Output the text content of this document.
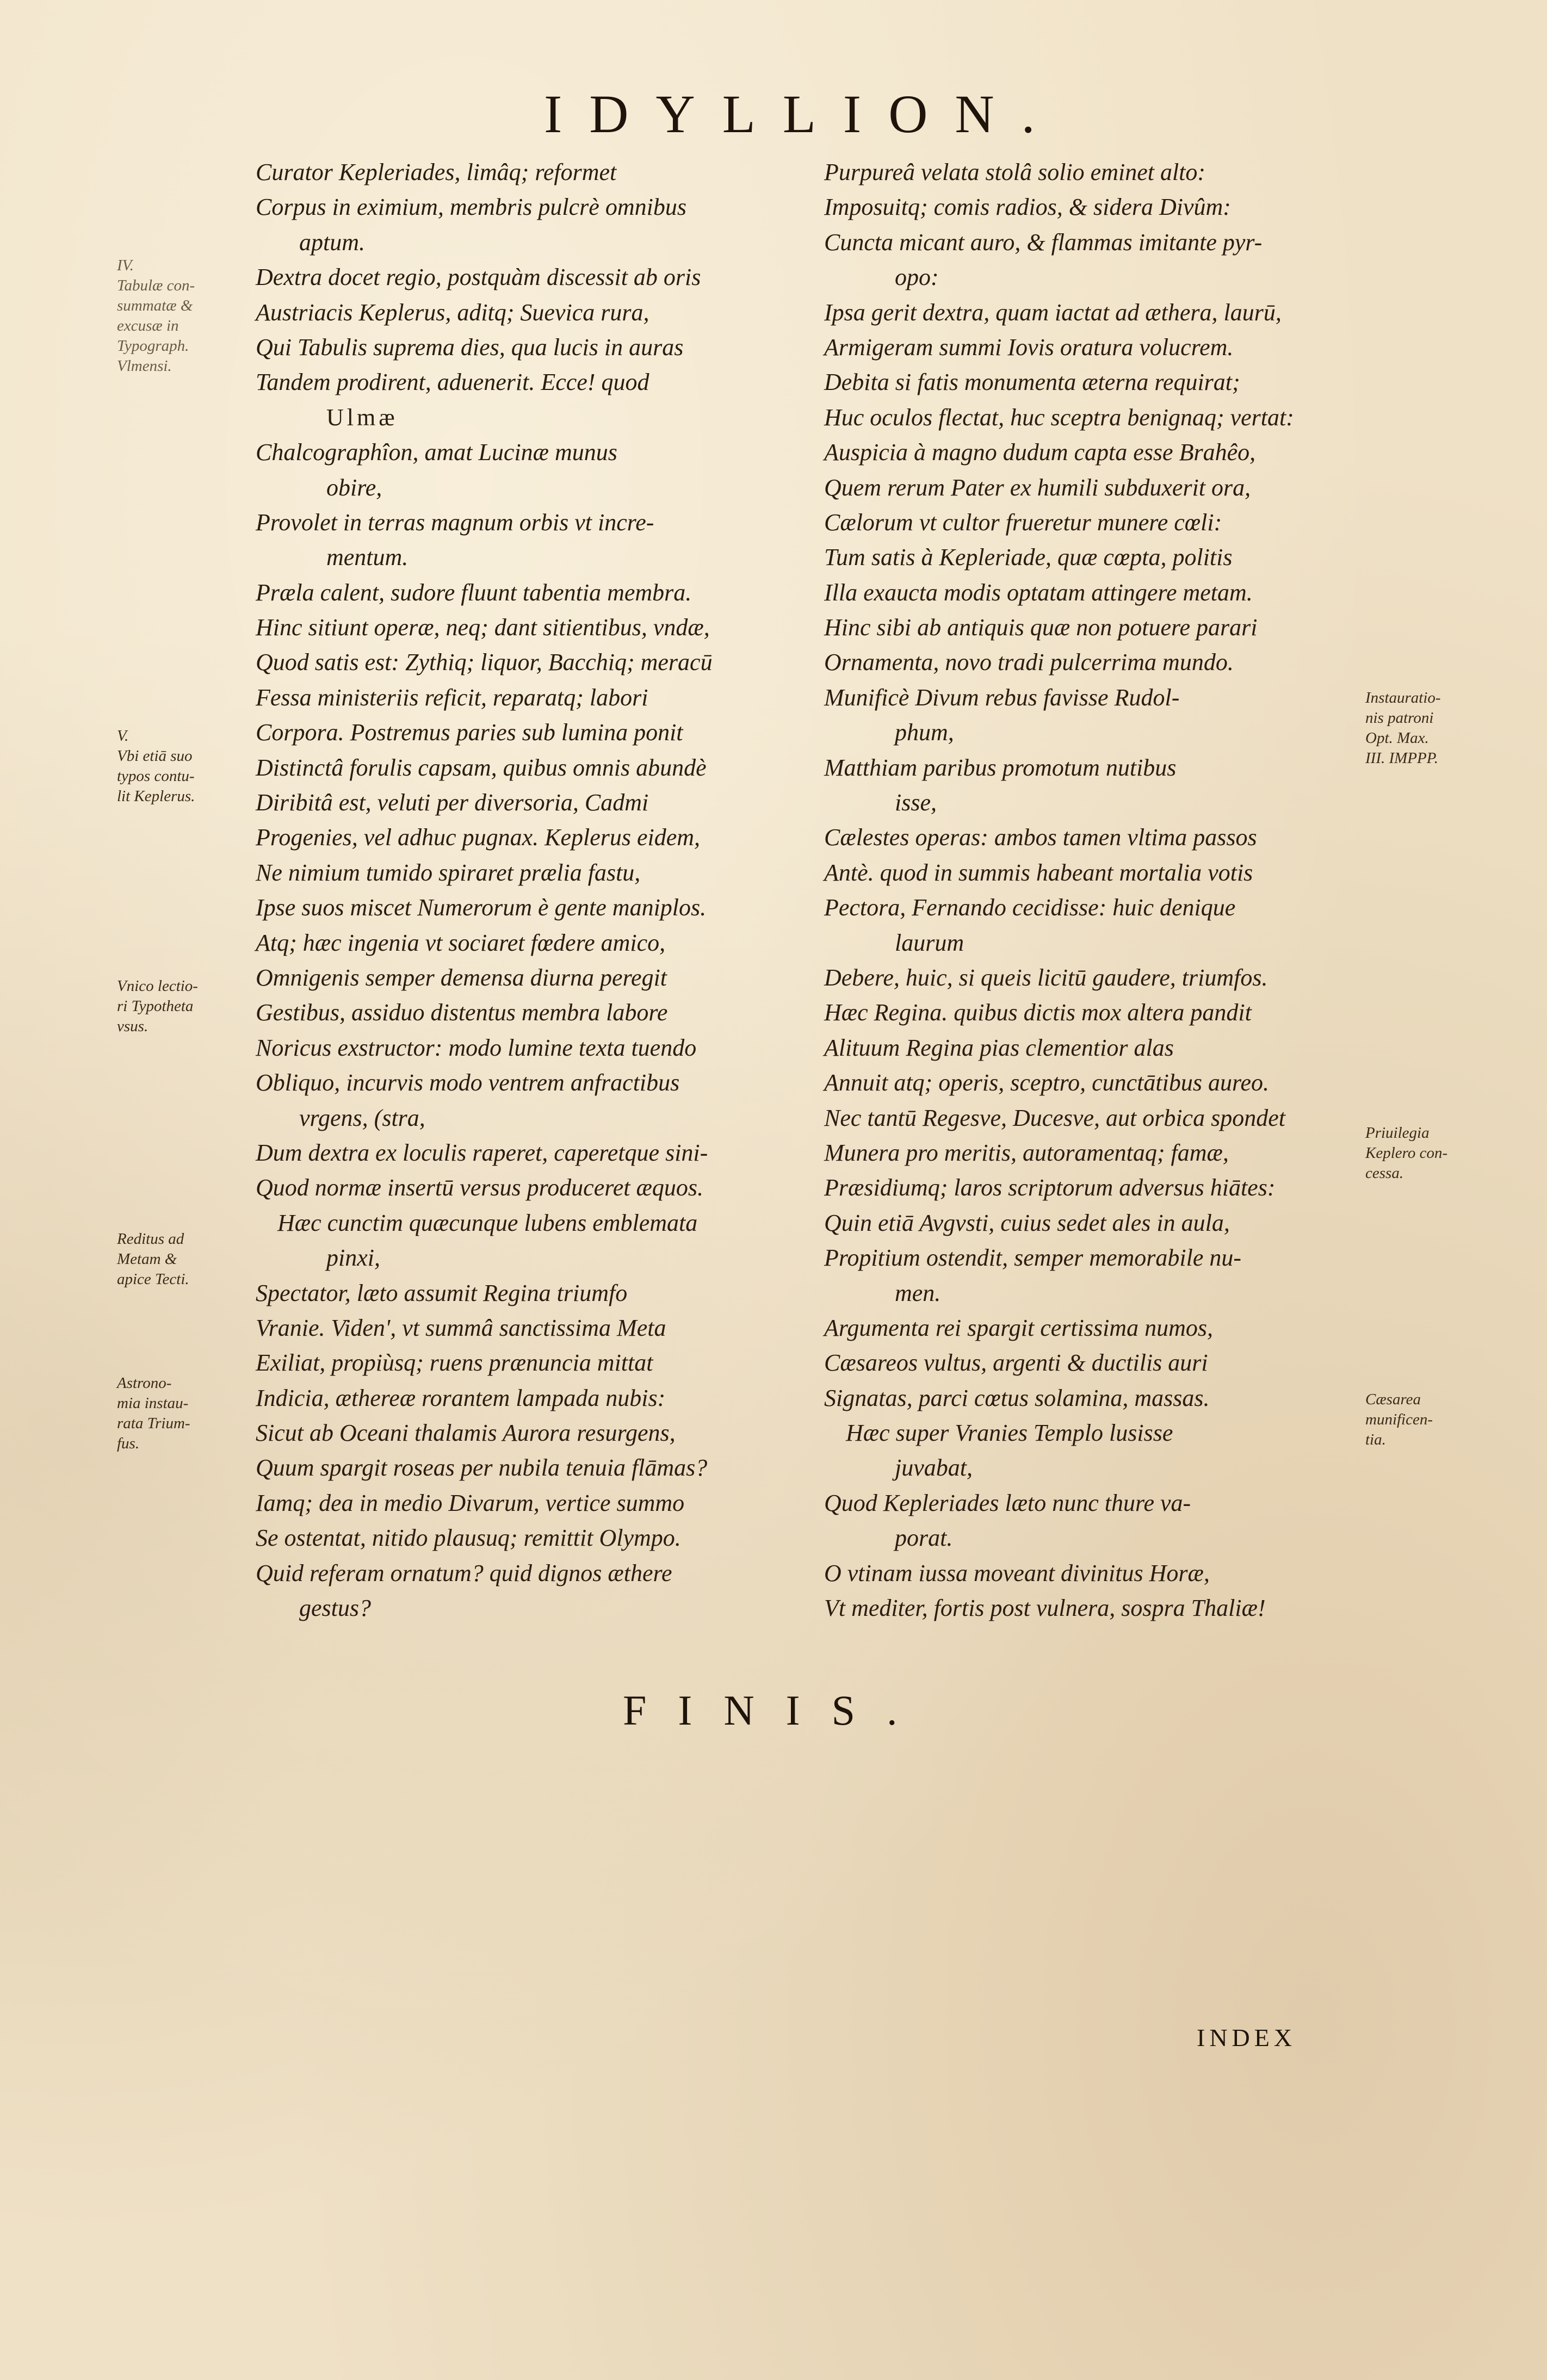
IDYLLION.
Curator Kepleriades, limâq; reformet
Corpus in eximium, membris pulcrè omnibus
aptum.
Dextra docet regio, postquàm discessit ab oris
Austriacis Keplerus, aditq; Suevica rura,
Qui Tabulis suprema dies, qua lucis in auras
Tandem prodirent, aduenerit. Ecce! quod
Ulmæ
Chalcographîon, amat Lucinæ munus
obire,
Provolet in terras magnum orbis vt incre-
mentum.
Præla calent, sudore fluunt tabentia membra.
Hinc sitiunt operæ, neq; dant sitientibus, vndæ,
Quod satis est: Zythiq; liquor, Bacchiq; meracū
Fessa ministeriis reficit, reparatq; labori
Corpora. Postremus paries sub lumina ponit
Distinctâ forulis capsam, quibus omnis abundè
Diribitâ est, veluti per diversoria, Cadmi
Progenies, vel adhuc pugnax. Keplerus eidem,
Ne nimium tumido spiraret prælia fastu,
Ipse suos miscet Numerorum è gente maniplos.
Atq; hæc ingenia vt sociaret fœdere amico,
Omnigenis semper demensa diurna peregit
Gestibus, assiduo distentus membra labore
Noricus exstructor: modo lumine texta tuendo
Obliquo, incurvis modo ventrem anfractibus
vrgens, (stra,
Dum dextra ex loculis raperet, caperetque sini-
Quod normæ insertū versus produceret æquos.
Hæc cunctim quæcunque lubens emblemata
pinxi,
Spectator, læto assumit Regina triumfo
Vranie. Viden', vt summâ sanctissima Meta
Exiliat, propiùsq; ruens prænuncia mittat
Indicia, æthereæ rorantem lampada nubis:
Sicut ab Oceani thalamis Aurora resurgens,
Quum spargit roseas per nubila tenuia flāmas?
Iamq; dea in medio Divarum, vertice summo
Se ostentat, nitido plausuq; remittit Olympo.
Quid referam ornatum? quid dignos æthere
gestus?
Purpureâ velata stolâ solio eminet alto:
Imposuitq; comis radios, & sidera Divûm:
Cuncta micant auro, & flammas imitante pyr-
opo:
Ipsa gerit dextra, quam iactat ad æthera, laurū,
Armigeram summi Iovis oratura volucrem.
Debita si fatis monumenta æterna requirat;
Huc oculos flectat, huc sceptra benignaq; vertat:
Auspicia à magno dudum capta esse Brahêo,
Quem rerum Pater ex humili subduxerit ora,
Cælorum vt cultor frueretur munere cœli:
Tum satis à Kepleriade, quæ cœpta, politis
Illa exaucta modis optatam attingere metam.
Hinc sibi ab antiquis quæ non potuere parari
Ornamenta, novo tradi pulcerrima mundo.
Munificè Divum rebus favisse Rudol-
phum,
Matthiam paribus promotum nutibus
isse,
Cælestes operas: ambos tamen vltima passos
Antè. quod in summis habeant mortalia votis
Pectora, Fernando cecidisse: huic denique
laurum
Debere, huic, si queis licitū gaudere, triumfos.
Hæc Regina. quibus dictis mox altera pandit
Alituum Regina pias clementior alas
Annuit atq; operis, sceptro, cunctātibus aureo.
Nec tantū Regesve, Ducesve, aut orbica spondet
Munera pro meritis, autoramentaq; famæ,
Præsidiumq; laros scriptorum adversus hiātes:
Quin etiā Avgvsti, cuius sedet ales in aula,
Propitium ostendit, semper memorabile nu-
men.
Argumenta rei spargit certissima numos,
Cæsareos vultus, argenti & ductilis auri
Signatas, parci cœtus solamina, massas.
Hæc super Vranies Templo lusisse
juvabat,
Quod Kepleriades læto nunc thure va-
porat.
O vtinam iussa moveant divinitus Horæ,
Vt mediter, fortis post vulnera, sospra Thaliæ!
IV.
Tabulæ con-
summatæ &
excusæ in
Typograph.
Vlmensi.
V.
Vbi etiā suo
typos contu-
lit Keplerus.
Vnico lectio-
ri Typotheta
vsus.
Reditus ad
Metam &
apice Tecti.
Astrono-
mia instau-
rata Trium-
fus.
Instauratio-
nis patroni
Opt. Max.
III. IMPPP.
Priuilegia
Keplero con-
cessa.
Cæsarea
munificen-
tia.
FINIS.
INDEX
